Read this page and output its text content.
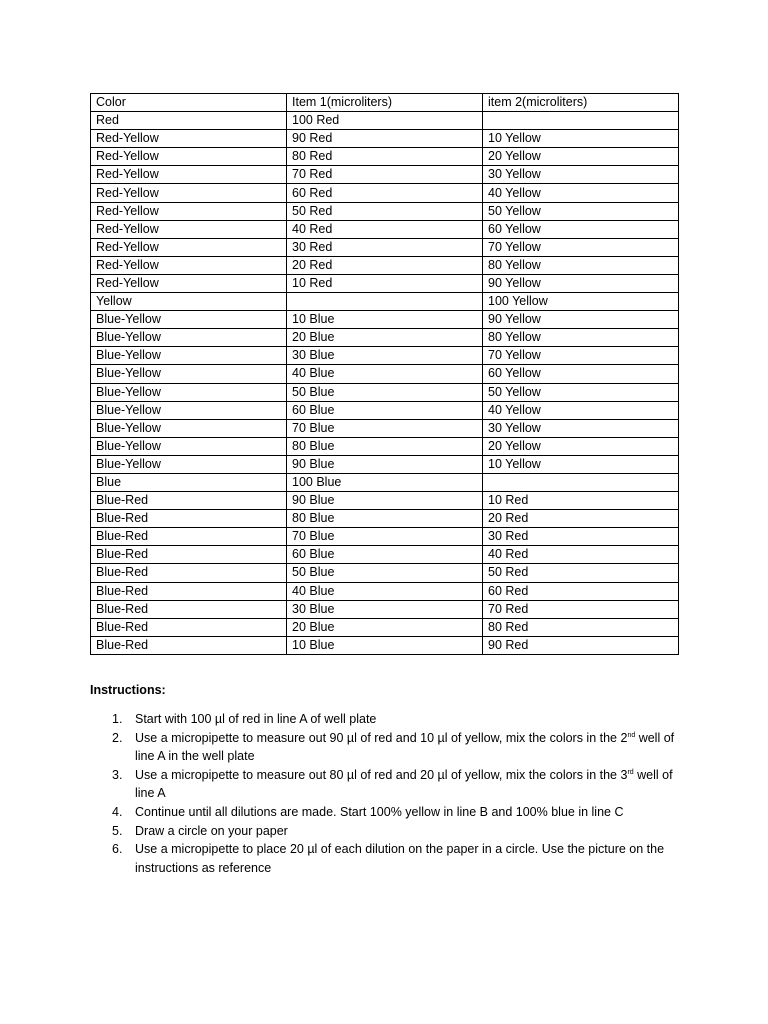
Color	Item 1(microliters)	item 2(microliters)
Red	100 Red	
Red-Yellow	90 Red	10 Yellow
Red-Yellow	80 Red	20 Yellow
Red-Yellow	70 Red	30 Yellow
Red-Yellow	60 Red	40 Yellow
Red-Yellow	50 Red	50 Yellow
Red-Yellow	40 Red	60 Yellow
Red-Yellow	30 Red	70 Yellow
Red-Yellow	20 Red	80 Yellow
Red-Yellow	10 Red	90 Yellow
Yellow		100 Yellow
Blue-Yellow	10 Blue	90 Yellow
Blue-Yellow	20 Blue	80 Yellow
Blue-Yellow	30 Blue	70 Yellow
Blue-Yellow	40 Blue	60 Yellow
Blue-Yellow	50 Blue	50 Yellow
Blue-Yellow	60 Blue	40 Yellow
Blue-Yellow	70 Blue	30 Yellow
Blue-Yellow	80 Blue	20 Yellow
Blue-Yellow	90 Blue	10 Yellow
Blue	100 Blue	
Blue-Red	90 Blue	10 Red
Blue-Red	80 Blue	20 Red
Blue-Red	70 Blue	30 Red
Blue-Red	60 Blue	40 Red
Blue-Red	50 Blue	50 Red
Blue-Red	40 Blue	60 Red
Blue-Red	30 Blue	70 Red
Blue-Red	20 Blue	80 Red
Blue-Red	10 Blue	90 Red
Instructions:
1. Start with 100 µl of red in line A of well plate
2. Use a micropipette to measure out 90 µl of red and 10 µl of yellow, mix the colors in the 2nd well of line A in the well plate
3. Use a micropipette to measure out 80 µl of red and 20 µl of yellow, mix the colors in the 3rd well of line A
4. Continue until all dilutions are made. Start 100% yellow in line B and 100% blue in line C
5. Draw a circle on your paper
6. Use a micropipette to place 20 µl of each dilution on the paper in a circle. Use the picture on the instructions as reference
